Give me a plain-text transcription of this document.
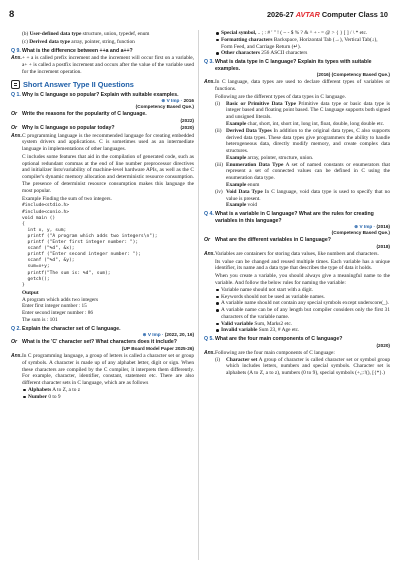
8	2026-27 AVTAR Computer Class 10
(b) User-defined data type structure, union, typedef, enum
(c) Derived data type array, pointer, string, function
Q 9. What is the difference between ++a and a++?
Ans. + + a is called prefix increment and the increment will occur first on a variable, a+ + is called a postfix increment and occurs after the value of the variable used for the increment operation.
Short Answer Type II Questions
Q 1. Why is C language so popular? Explain with suitable examples.
⊛ V Imp · 2016
(Competency Based Que.)
Or Write the reasons for the popularity of C language.
(2022)
Or Why is C language so popular today?	(2020)
Ans. C programming language is the recommended language for creating embedded system drivers and applications. C is sometimes used as an intermediate language in implementations of other languages.

C includes some features that aid in the compilation of generated code, such as optional redundant commas at the end of line number preprocessor directives and initializer lists/variability of machine-level hardware APIs, as well as the C compiler's dynamic memory allocation and deterministic resource consumption. The presence of determinist resource consumption makes this language the most popular.

Example Finding the sum of two integers.

#include<stdio.h>
#include<conio.h>
void main ()
{
int x, y, sum;
printf ("A program which adds two integers\n");
printf ("Enter first integer number: ");
scanf ("%d", &x);
printf ("Enter second integer number: ");
scanf ("%d", &y);
sum=x+y;
printf("The sum is: %d", sum);
getch();
}

Output

A program which adds two integers
Enter first integer number : 15
Enter second integer number : 86
The sum is : 101
Q 2. Explain the character set of C language.
⊛ V Imp · (2022, 20, 16)
Or What is the 'C' character set? What characters does it include?
(UP Board Model Paper 2025-26)
Ans. In C programming language, a group of letters is called a character set or group of symbols. A character is made up of any alphabet letter, digit or sign. When these characters are compiled by the C compiler, it interprets them differently. For example, character, identifier, constant, statement etc. There are also different character sets in C language, which are as follows

Alphabets A to Z, a to z
Number 0 to 9
Special symbol, .. ; : # ' " ! ( ~ - $ % ? & ^ + - = @ > { } [ ] / \ * etc.
Formatting characters Backspace, Horizontal Tab (→), Vertical Tab(↓), Form Feed, and Carriage Return (↵).
Other characters 256 ASCII characters
Q 3. What is data type in C language? Explain its types with suitable examples.
(2016) (Competency Based Que.)
Ans. In C language, data types are used to declare different types of variables or functions.

Following are the different types of data types in C language.

(i)	Basic or Primitive Data Type Primitive data type or basic data type is integer based and floating point based. The C language supports both signed and unsigned literals.

Example char, short, int, short int, long int, float, double, long double etc.

(ii) Derived Data Types In addition to the original data types, C also supports derived data types. These data types give programmers the ability to handle heterogeneous data, directly modify memory, and create complex data structures.

Example array, pointer, structure, union.

(iii) Enumeration Data Type A set of named constants or enumerators that represent a set of connected values can be defined in C using the enumeration data type.

Example enum

(iv) Void Data Type In C language, void data type is used to specify that no value is present.

Example void

Q 4. What is a variable in C language? What are the rules for creating variables in this language?
⊛ V Imp · (2016)
(Competency Based Que.)
Or What are the different variables in C language?
(2018)
Ans. Variables are containers for storing data values, like numbers and characters.

Its value can be changed and reused multiple times. Each variable has a unique identifier, its name and a data type that describes the type of data it holds.

When you create a variable, you should always give a meaningful name to the variable. And follow the below rules for naming the variable:

Variable name should not start with a digit.
Keywords should not be used as variable names.
A variable name should not contain any special symbols except underscore(_).
A variable name can be of any length but compiler considers only the first 31 characters of the variable name.
Valid variable Sum, Marks2 etc.
Invalid variable Sum 23, # Age etc.
Q 5. What are the four main components of C language?
(2020)
Ans. Following are the four main components of C language:

(i)	Character set A group of character is called character set or symbol group which includes letters, numbers and special symbols. Character set is alphabets (A to Z, a to z), numbers (0 to 9), special symbols (+,;:!(), [{*}.)
